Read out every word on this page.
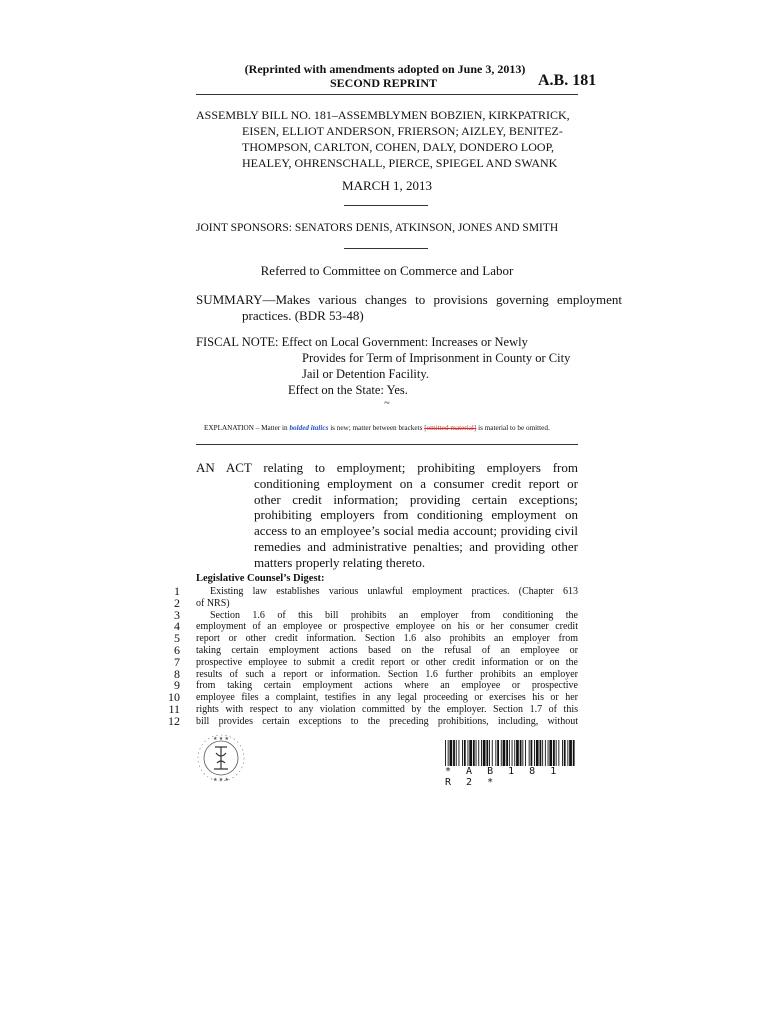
(Reprinted with amendments adopted on June 3, 2013)
SECOND REPRINT	A.B. 181
ASSEMBLY BILL NO. 181–ASSEMBLYMEN BOBZIEN, KIRKPATRICK,
EISEN, ELLIOT ANDERSON, FRIERSON; AIZLEY, BENITEZ-
THOMPSON, CARLTON, COHEN, DALY, DONDERO LOOP,
HEALEY, OHRENSCHALL, PIERCE, SPIEGEL AND SWANK
MARCH 1, 2013
JOINT SPONSORS: SENATORS DENIS, ATKINSON, JONES AND SMITH
Referred to Committee on Commerce and Labor
SUMMARY—Makes various changes to provisions governing employment practices. (BDR 53-48)
FISCAL NOTE: Effect on Local Government: Increases or Newly
Provides for Term of Imprisonment in County or City
Jail or Detention Facility.
Effect on the State: Yes.
~
EXPLANATION – Matter in bolded italics is new; matter between brackets [omitted material] is material to be omitted.
AN ACT relating to employment; prohibiting employers from conditioning employment on a consumer credit report or other credit information; providing certain exceptions; prohibiting employers from conditioning employment on access to an employee’s social media account; providing civil remedies and administrative penalties; and providing other matters properly relating thereto.
Legislative Counsel’s Digest:
1
2
3
4
5
6
7
8
9
10
11
12
Existing law establishes various unlawful employment practices. (Chapter 613
of NRS)
Section 1.6 of this bill prohibits an employer from conditioning the
employment of an employee or prospective employee on his or her consumer credit
report or other credit information. Section 1.6 also prohibits an employer from
taking certain employment actions based on the refusal of an employee or
prospective employee to submit a credit report or other credit information or on the
results of such a report or information. Section 1.6 further prohibits an employer
from taking certain employment actions where an employee or prospective
employee files a complaint, testifies in any legal proceeding or exercises his or her
rights with respect to any violation committed by the employer. Section 1.7 of this
bill provides certain exceptions to the preceding prohibitions, including, without
★ ★ ★
★ ★ ★
* A B 1 8 1 R 2 *
